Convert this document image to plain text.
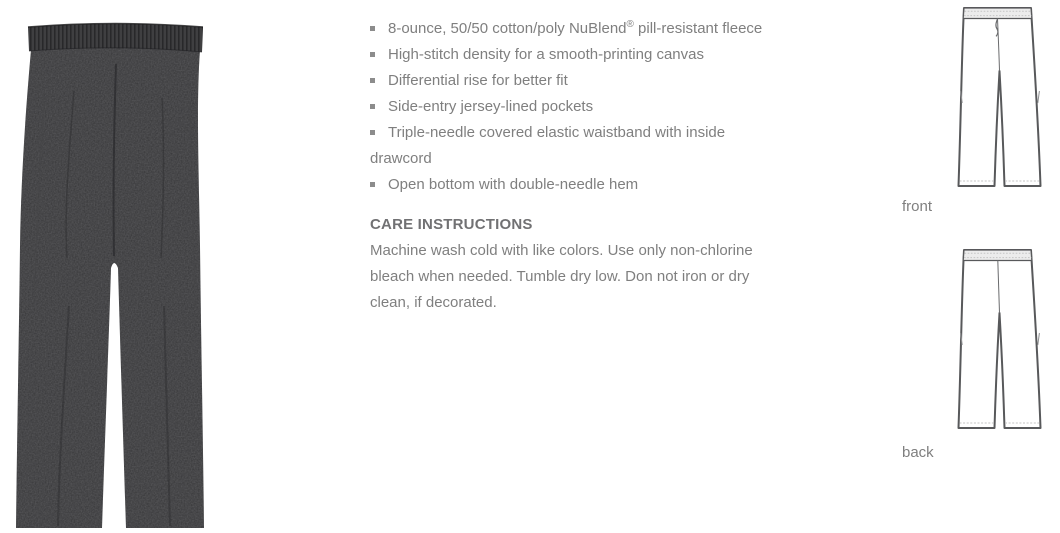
8-ounce, 50/50 cotton/poly NuBlend® pill-resistant fleece
High-stitch density for a smooth-printing canvas
Differential rise for better fit
Side-entry jersey-lined pockets
Triple-needle covered elastic waistband with inside drawcord
Open bottom with double-needle hem
CARE INSTRUCTIONS

Machine wash cold with like colors. Use only non-chlorine bleach when needed. Tumble dry low. Don not iron or dry clean, if decorated.

front
back
